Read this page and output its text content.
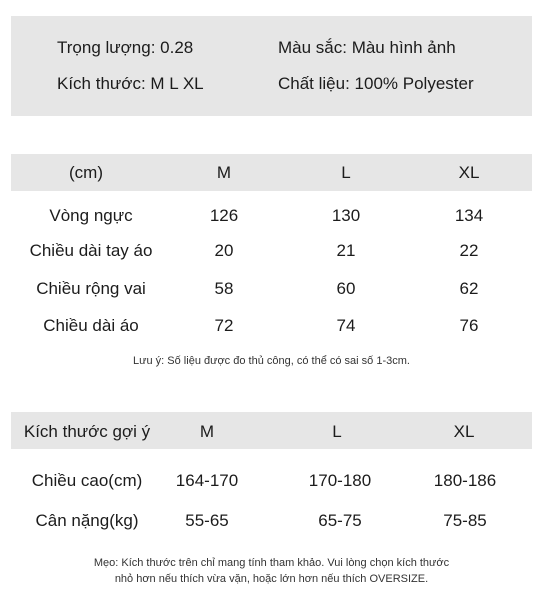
Trọng lượng: 0.28	Màu sắc: Màu hình ảnh
Kích thước: M L XL	Chất liệu: 100% Polyester
(cm)	M	L	XL
Vòng ngực	126	130	134
Chiều dài tay áo	20	21	22
Chiều rộng vai	58	60	62
Chiều dài áo	72	74	76
Lưu ý: Số liệu được đo thủ công, có thể có sai số 1-3cm.
Kích thước gợi ý	M	L	XL
Chiều cao(cm) 164-170	170-180	180-186
Cân nặng(kg)	55-65	65-75	75-85
Mẹo: Kích thước trên chỉ mang tính tham khảo. Vui lòng chọn kích thước
nhỏ hơn nếu thích vừa vặn, hoặc lớn hơn nếu thích OVERSIZE.
